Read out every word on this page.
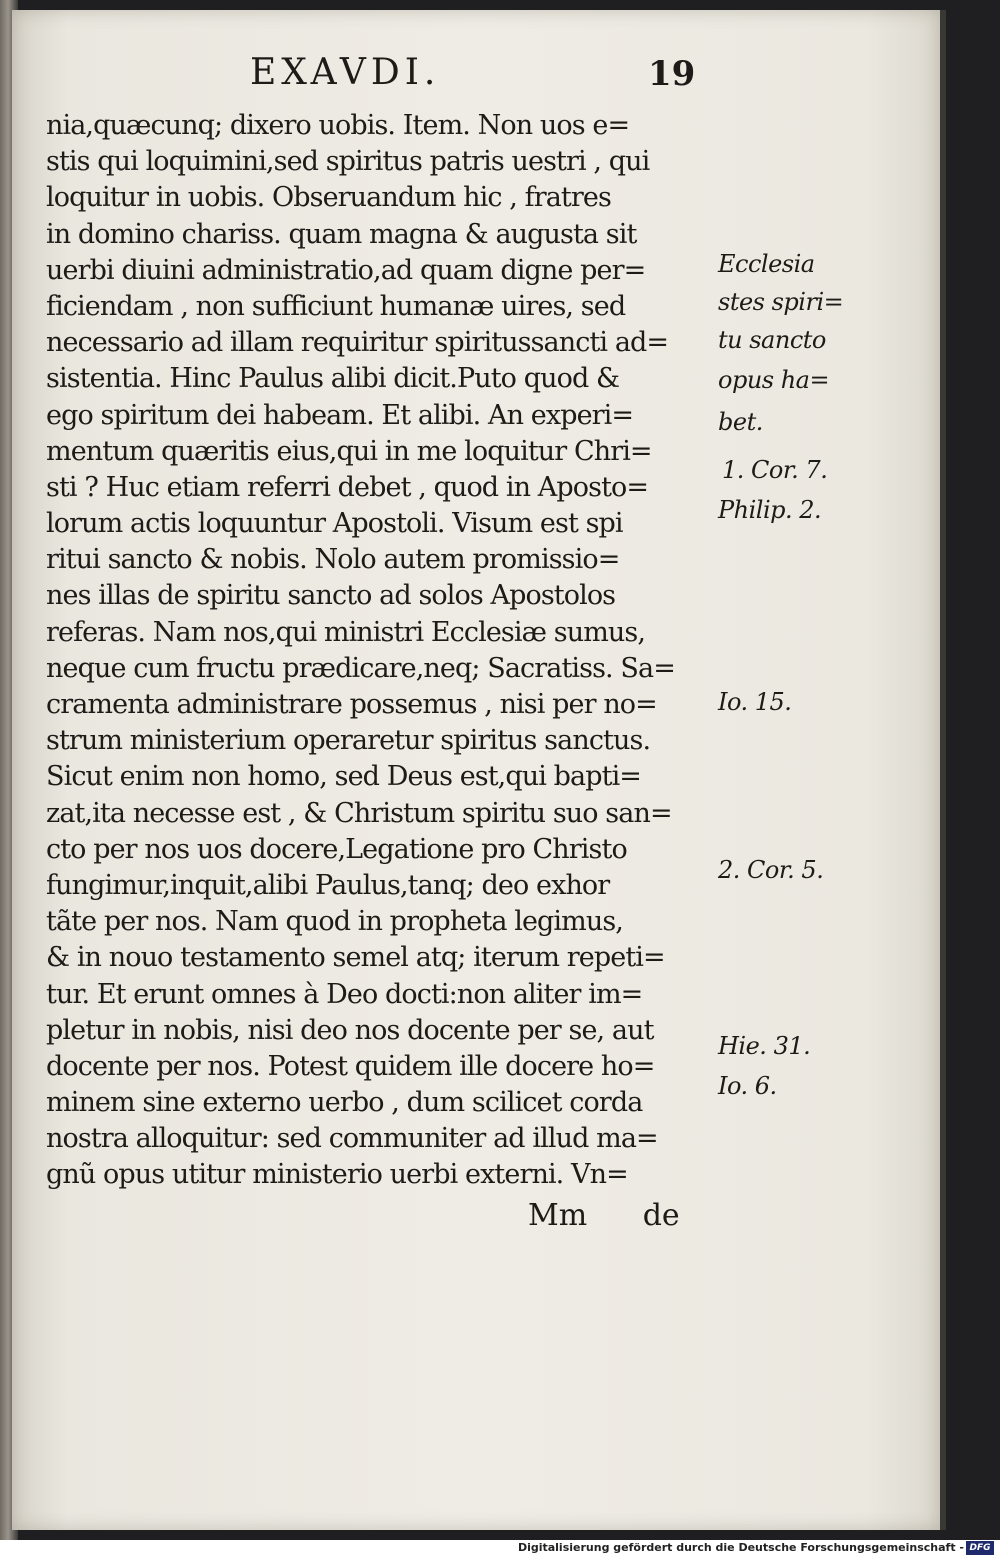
EXAVDI.	19
nia,quæcunq; dixero uobis. Item. Non uos e=
stis qui loquimini,sed spiritus patris uestri , qui
loquitur in uobis. Obseruandum hic , fratres
in domino chariss. quam magna & augusta sit
uerbi diuini administratio,ad quam digne per=
ficiendam , non sufficiunt humanæ uires, sed
necessario ad illam requiritur spiritussancti ad=
sistentia. Hinc Paulus alibi dicit.Puto quod &
ego spiritum dei habeam. Et alibi. An experi=
mentum quæritis eius,qui in me loquitur Chri=
sti ? Huc etiam referri debet , quod in Aposto=
lorum actis loquuntur Apostoli. Visum est spi
ritui sancto & nobis. Nolo autem promissio=
nes illas de spiritu sancto ad solos Apostolos
referas. Nam nos,qui ministri Ecclesiæ sumus,
neque cum fructu prædicare,neq; Sacratiss. Sa=
cramenta administrare possemus , nisi per no=
strum ministerium operaretur spiritus sanctus.
Sicut enim non homo, sed Deus est,qui bapti=
zat,ita necesse est , & Christum spiritu suo san=
cto per nos uos docere,Legatione pro Christo
fungimur,inquit,alibi Paulus,tanq; deo exhor
tãte per nos. Nam quod in propheta legimus,
& in nouo testamento semel atq; iterum repeti=
tur. Et erunt omnes à Deo docti:non aliter im=
pletur in nobis, nisi deo nos docente per se, aut
docente per nos. Potest quidem ille docere ho=
minem sine externo uerbo , dum scilicet corda
nostra alloquitur: sed communiter ad illud ma=
gnũ opus utitur ministerio uerbi externi. Vn=
Ecclesia
stes spiri=
tu sancto
opus ha=
bet.
1. Cor. 7.
Philip. 2.
Io. 15.
2. Cor. 5.
Hie. 31.
Io. 6.
Mm de
Digitalisierung gefördert durch die Deutsche Forschungsgemeinschaft - DFG
